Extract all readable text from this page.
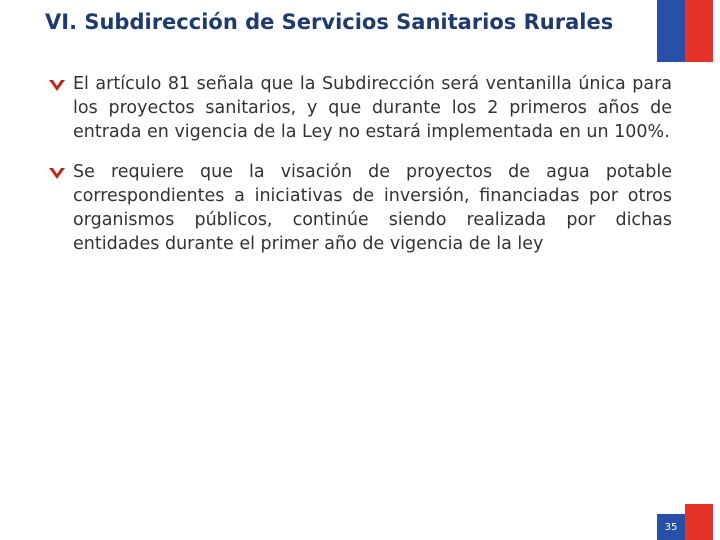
VI. Subdirección de Servicios Sanitarios Rurales
El artículo 81 señala que la Subdirección será ventanilla única para los proyectos sanitarios, y que durante los 2 primeros años de entrada en vigencia de la Ley no estará implementada en un 100%.
Se requiere que la visación de proyectos de agua potable correspondientes a iniciativas de inversión, financiadas por otros organismos públicos, continúe siendo realizada por dichas entidades durante el primer año de vigencia de la ley
35
